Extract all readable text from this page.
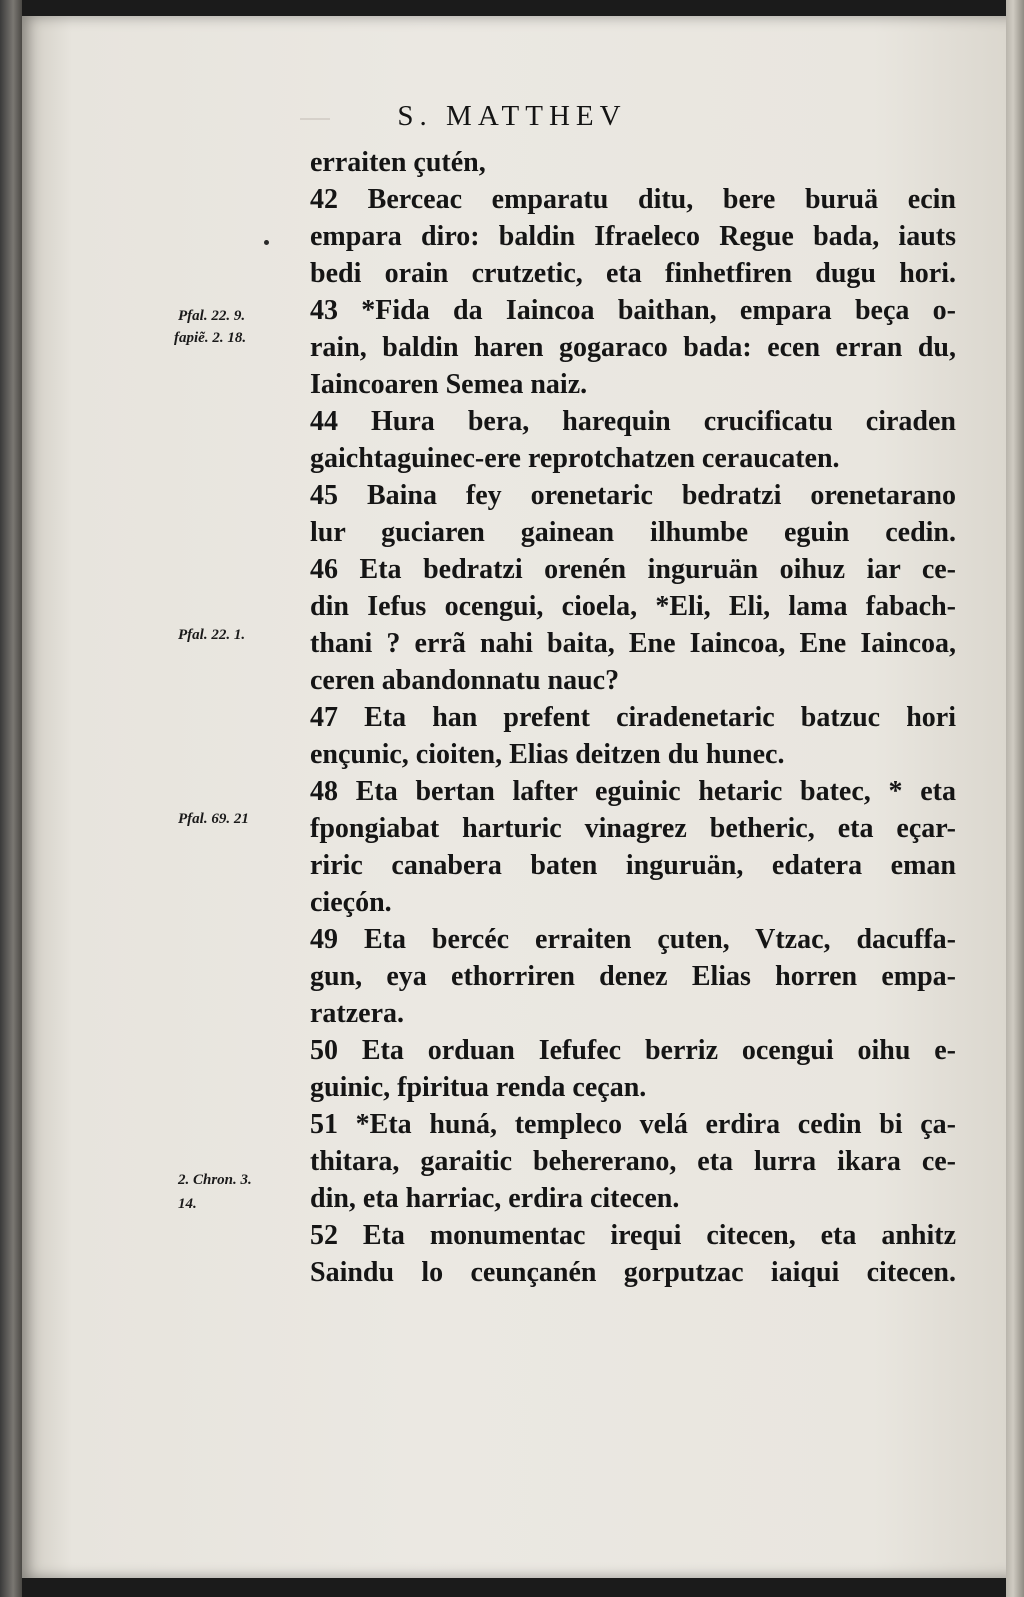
S. MATTHEV
Pfal. 22. 9.
fapiẽ. 2. 18.
Pfal. 22. 1.
Pfal. 69. 21
2. Chron. 3.
14.
erraiten çutén,
42 Berceac emparatu ditu, bere buruä ecin
empara diro: baldin Ifraeleco Regue bada, iauts
bedi orain crutzetic, eta finhetfiren dugu hori.
43 *Fida da Iaincoa baithan, empara beça o-
rain, baldin haren gogaraco bada: ecen erran du,
Iaincoaren Semea naiz.
44 Hura bera, harequin crucificatu ciraden
gaichtaguinec-ere reprotchatzen ceraucaten.
45 Baina fey orenetaric bedratzi orenetarano
lur guciaren gainean ilhumbe eguin cedin.
46 Eta bedratzi orenén inguruän oihuz iar ce-
din Iefus ocengui, cioela, *Eli, Eli, lama fabach-
thani ? errã nahi baita, Ene Iaincoa, Ene Iaincoa,
ceren abandonnatu nauc?
47 Eta han prefent ciradenetaric batzuc hori
ençunic, cioiten, Elias deitzen du hunec.
48 Eta bertan lafter eguinic hetaric batec, * eta
fpongiabat harturic vinagrez betheric, eta eçar-
riric canabera baten inguruän, edatera eman
cieçón.
49 Eta bercéc erraiten çuten, Vtzac, dacuffa-
gun, eya ethorriren denez Elias horren empa-
ratzera.
50 Eta orduan Iefufec berriz ocengui oihu e-
guinic, fpiritua renda ceçan.
51 *Eta huná, templeco velá erdira cedin bi ça-
thitara, garaitic behererano, eta lurra ikara ce-
din, eta harriac, erdira citecen.
52 Eta monumentac irequi citecen, eta anhitz
Saindu lo ceunçanén gorputzac iaiqui citecen.
